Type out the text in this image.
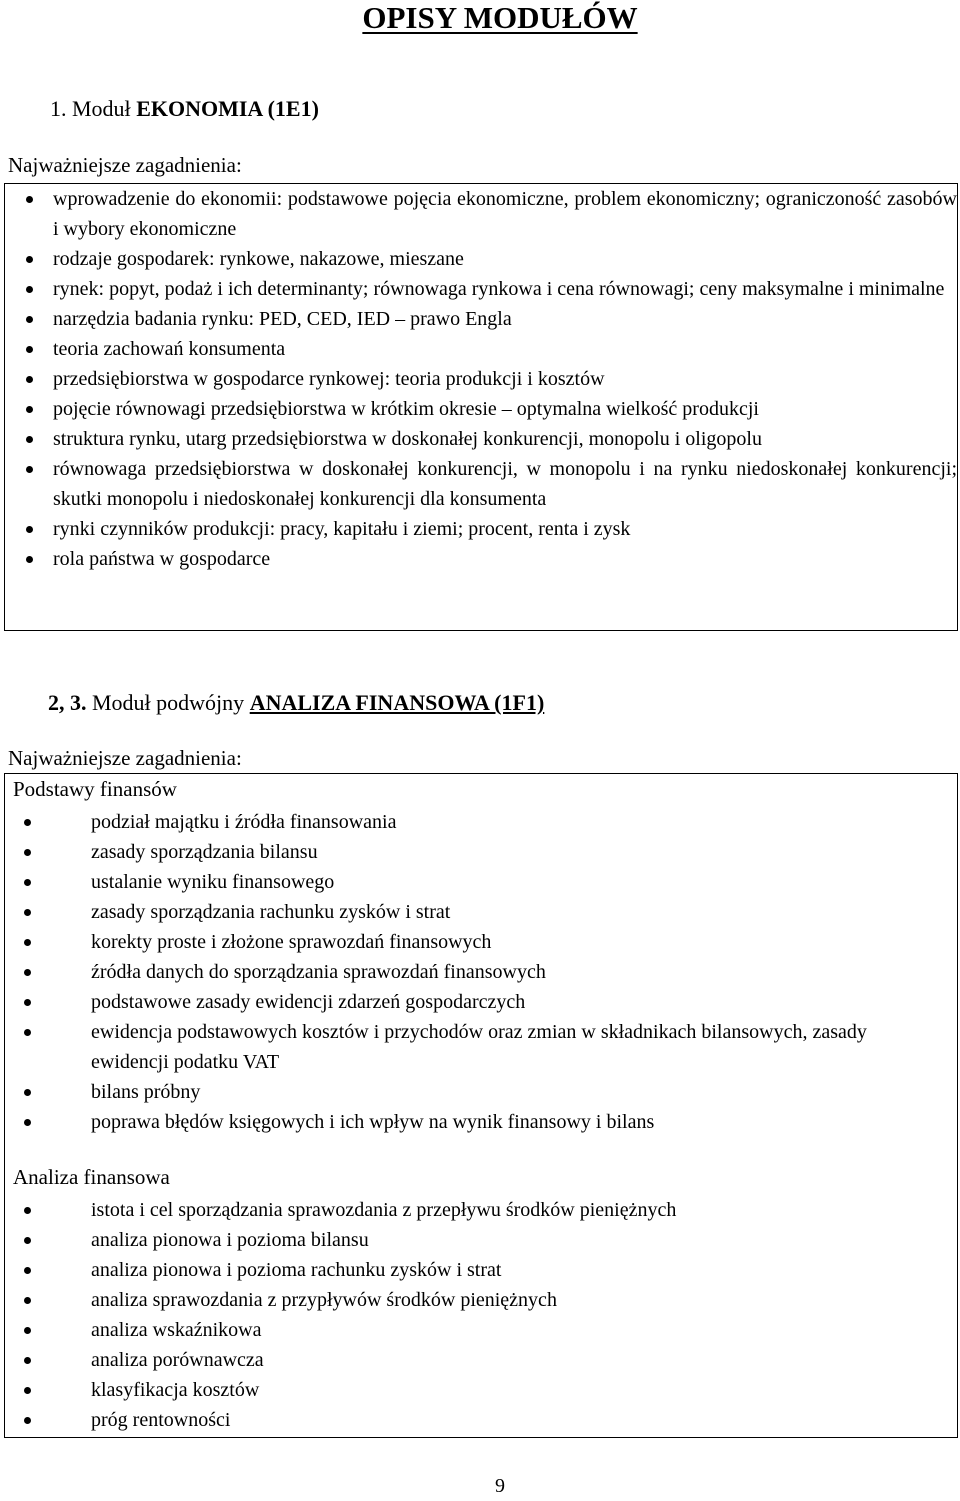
OPISY MODUŁÓW
1. Moduł EKONOMIA (1E1)
Najważniejsze zagadnienia:
wprowadzenie do ekonomii: podstawowe pojęcia ekonomiczne, problem ekonomiczny; ograniczoność zasobów i wybory ekonomiczne
rodzaje gospodarek: rynkowe, nakazowe, mieszane
rynek: popyt, podaż i ich determinanty; równowaga rynkowa i cena równowagi; ceny maksymalne i minimalne
narzędzia badania rynku: PED, CED, IED – prawo Engla
teoria zachowań konsumenta
przedsiębiorstwa w gospodarce rynkowej: teoria produkcji i kosztów
pojęcie równowagi przedsiębiorstwa w krótkim okresie – optymalna wielkość produkcji
struktura rynku, utarg przedsiębiorstwa w doskonałej konkurencji, monopolu i oligopolu
równowaga przedsiębiorstwa w doskonałej konkurencji, w monopolu i na rynku niedoskonałej konkurencji; skutki monopolu i niedoskonałej konkurencji dla konsumenta
rynki czynników produkcji: pracy, kapitału i ziemi; procent, renta i zysk
rola państwa w gospodarce
2, 3. Moduł podwójny ANALIZA FINANSOWA (1F1)
Najważniejsze zagadnienia:
Podstawy finansów
podział majątku i źródła finansowania
zasady sporządzania bilansu
ustalanie wyniku finansowego
zasady sporządzania rachunku zysków i strat
korekty proste i złożone sprawozdań finansowych
źródła danych do sporządzania sprawozdań finansowych
podstawowe zasady ewidencji zdarzeń gospodarczych
ewidencja podstawowych kosztów i przychodów oraz zmian w składnikach bilansowych, zasady ewidencji podatku VAT
bilans próbny
poprawa błędów księgowych i ich wpływ na wynik finansowy i bilans
Analiza finansowa
istota i cel sporządzania sprawozdania z przepływu środków pieniężnych
analiza pionowa i pozioma bilansu
analiza pionowa i pozioma rachunku zysków i strat
analiza sprawozdania z przypływów środków pieniężnych
analiza wskaźnikowa
analiza porównawcza
klasyfikacja kosztów
próg rentowności
9
